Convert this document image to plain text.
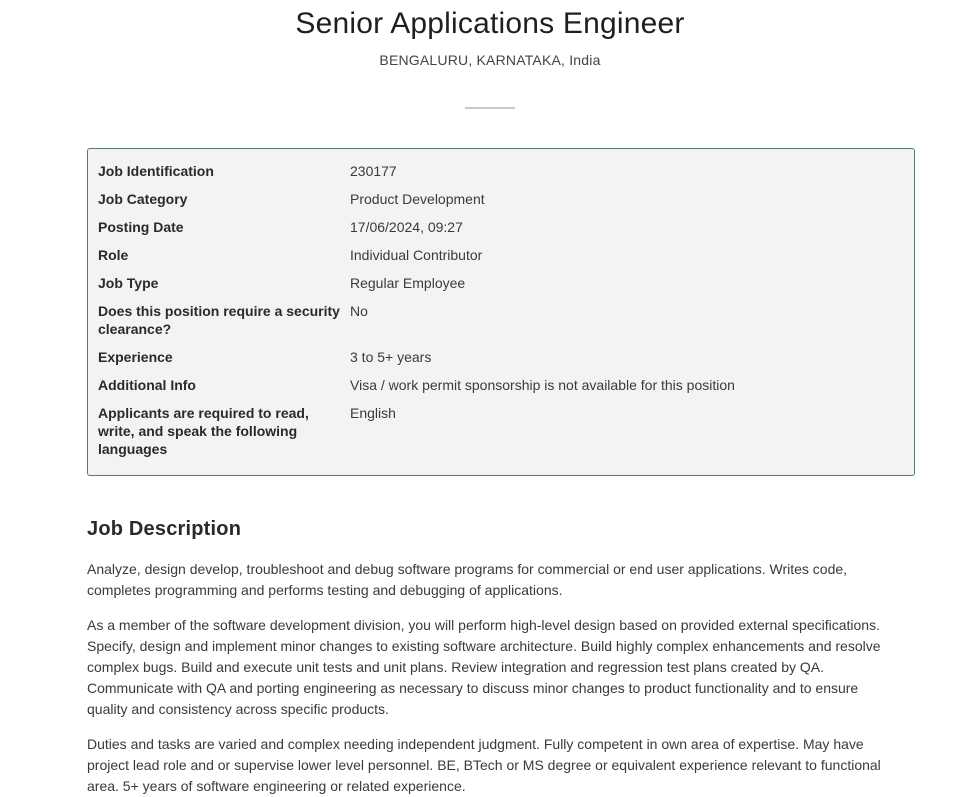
Senior Applications Engineer
BENGALURU, KARNATAKA, India
Job Identification	230177
Job Category	Product Development
Posting Date	17/06/2024, 09:27
Role	Individual Contributor
Job Type	Regular Employee
Does this position require a security clearance?	No
Experience	3 to 5+ years
Additional Info	Visa / work permit sponsorship is not available for this position
Applicants are required to read, write, and speak the following languages	English
Job Description

Analyze, design develop, troubleshoot and debug software programs for commercial or end user applications. Writes code, completes programming and performs testing and debugging of applications.

As a member of the software development division, you will perform high-level design based on provided external specifications. Specify, design and implement minor changes to existing software architecture. Build highly complex enhancements and resolve complex bugs. Build and execute unit tests and unit plans. Review integration and regression test plans created by QA. Communicate with QA and porting engineering as necessary to discuss minor changes to product functionality and to ensure quality and consistency across specific products.

Duties and tasks are varied and complex needing independent judgment. Fully competent in own area of expertise. May have project lead role and or supervise lower level personnel. BE, BTech or MS degree or equivalent experience relevant to functional area. 5+ years of software engineering or related experience.
